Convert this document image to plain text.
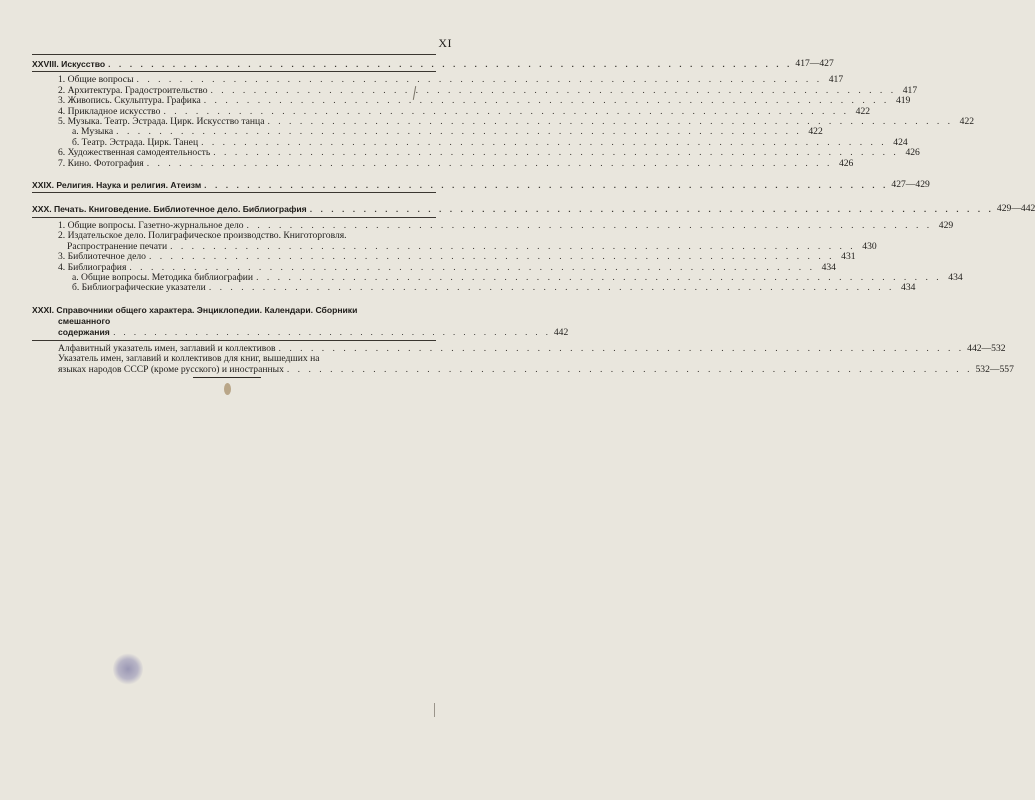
XI
XXVIII. Искусство . . .	417—427
1. Общие вопросы . . .	417
2. Архитектура. Градостроительство . . .	417
3. Живопись. Скульптура. Графика . . .	419
4. Прикладное искусство . . .	422
5. Музыка. Театр. Эстрада. Цирк. Искусство танца . . .	422
а. Музыка . . .	422
б. Театр. Эстрада. Цирк. Танец . . .	424
6. Художественная самодеятельность . . .	426
7. Кино. Фотография . . .	426
XXIX. Религия. Наука и религия. Атеизм . . .	427—429
XXX. Печать. Книговедение. Библиотечное дело. Библиография . . .	429—442
1. Общие вопросы. Газетно-журнальное дело . . .	429
2. Издательское дело. Полиграфическое производство. Книготорговля.
Распространение печати . . .	430
3. Библиотечное дело . . .	431
4. Библиография . . .	434
а. Общие вопросы. Методика библиографии . . .	434
б. Библиографические указатели . . .	434
XXXI. Справочники общего характера. Энциклопедии. Календари. Сборники
смешанного содержания . . . . . . . . . . . . . . . . . . . . . . . . . . . . . . . . . . . . . . . . . . . 442
Алфавитный указатель имен, заглавий и коллективов . . .	442—532
Указатель имен, заглавий и коллективов для книг, вышедших на
языках народов СССР (кроме русского) и иностранных . . .	532—557
